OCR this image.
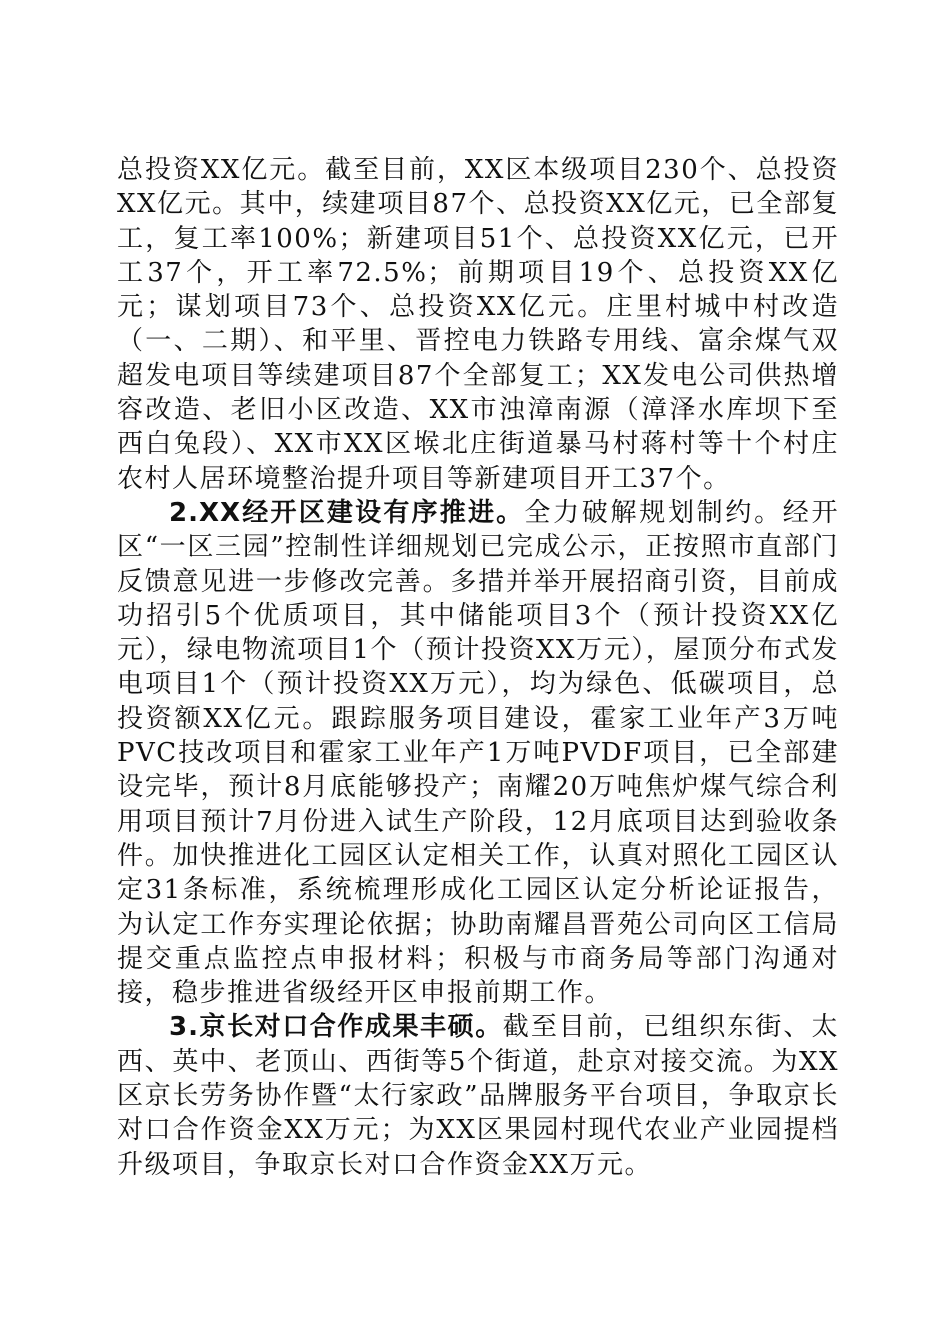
总投资XX亿元。截至目前，XX区本级项目230个、总投资XX亿元。其中，续建项目87个、总投资XX亿元，已全部复工，复工率100%；新建项目51个、总投资XX亿元，已开工37个，开工率72.5%；前期项目19个、总投资XX亿元；谋划项目73个、总投资XX亿元。庄里村城中村改造（一、二期）、和平里、晋控电力铁路专用线、富余煤气双超发电项目等续建项目87个全部复工；XX发电公司供热增容改造、老旧小区改造、XX市浊漳南源（漳泽水库坝下至西白兔段）、XX市XX区堠北庄街道暴马村蒋村等十个村庄农村人居环境整治提升项目等新建项目开工37个。

2.XX经开区建设有序推进。全力破解规划制约。经开区“一区三园”控制性详细规划已完成公示，正按照市直部门反馈意见进一步修改完善。多措并举开展招商引资，目前成功招引5个优质项目，其中储能项目3个（预计投资XX亿元），绿电物流项目1个（预计投资XX万元），屋顶分布式发电项目1个（预计投资XX万元），均为绿色、低碳项目，总投资额XX亿元。跟踪服务项目建设，霍家工业年产3万吨PVC技改项目和霍家工业年产1万吨PVDF项目，已全部建设完毕，预计8月底能够投产；南耀20万吨焦炉煤气综合利用项目预计7月份进入试生产阶段，12月底项目达到验收条件。加快推进化工园区认定相关工作，认真对照化工园区认定31条标准，系统梳理形成化工园区认定分析论证报告，为认定工作夯实理论依据；协助南耀昌晋苑公司向区工信局提交重点监控点申报材料；积极与市商务局等部门沟通对接，稳步推进省级经开区申报前期工作。

3.京长对口合作成果丰硕。截至目前，已组织东街、太西、英中、老顶山、西街等5个街道，赴京对接交流。为XX区京长劳务协作暨“太行家政”品牌服务平台项目，争取京长对口合作资金XX万元；为XX区果园村现代农业产业园提档升级项目，争取京长对口合作资金XX万元。
